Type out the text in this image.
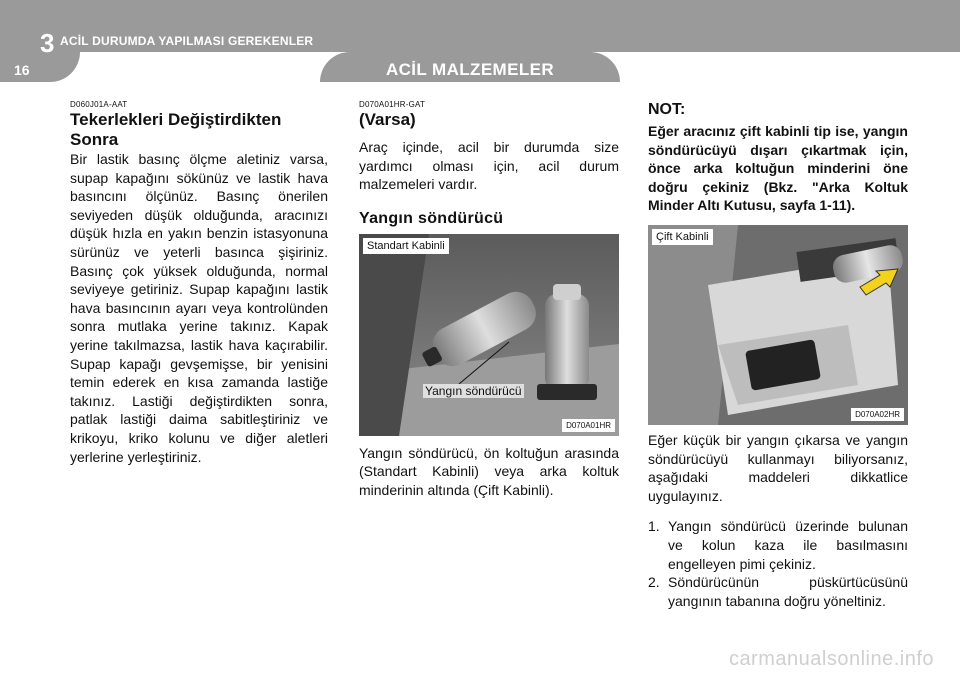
3 ACİL DURUMDA YAPILMASI GEREKENLER
16	ACİL MALZEMELER
D060J01A-AAT
Tekerlekleri Değiştirdikten Sonra

Bir lastik basınç ölçme aletiniz varsa, supap kapağını sökünüz ve lastik hava basıncını ölçünüz. Basınç önerilen seviyeden düşük olduğunda, aracınızı düşük hızla en yakın benzin istasyonuna sürünüz ve yeterli basınca şişiriniz. Basınç çok yüksek olduğunda, normal seviyeye getiriniz. Supap kapağını lastik hava basıncının ayarı veya kontrolünden sonra mutlaka yerine takınız. Kapak yerine takılmazsa, lastik hava kaçırabilir. Supap kapağı gevşemişse, bir yenisini temin ederek en kısa zamanda lastiğe takınız. Lastiği değiştirdikten sonra, patlak lastiği daima sabitleştiriniz ve krikoyu, kriko kolunu ve diğer aletleri yerlerine yerleştiriniz.

D070A01HR-GAT
(Varsa)

Araç içinde, acil bir durumda size yardımcı olması için, acil durum malzemeleri vardır.

Yangın söndürücü
Standart Kabinli
Yangın söndürücü
D070A01HR

Yangın söndürücü, ön koltuğun arasında (Standart Kabinli) veya arka koltuk minderinin altında (Çift Kabinli).

NOT:

Eğer aracınız çift kabinli tip ise, yangın söndürücüyü dışarı çıkartmak için, önce arka koltuğun minderini öne doğru çekiniz (Bkz. "Arka Koltuk Minder Altı Kutusu, sayfa 1-11).

Çift Kabinli
D070A02HR

Eğer küçük bir yangın çıkarsa ve yangın söndürücüyü kullanmayı biliyorsanız, aşağıdaki maddeleri dikkatlice uygulayınız.

1. Yangın söndürücü üzerinde bulunan ve kolun kaza ile basılmasını engelleyen pimi çekiniz.
2. Söndürücünün püskürtücüsünü yangının tabanına doğru yöneltiniz.
carmanualsonline.info
